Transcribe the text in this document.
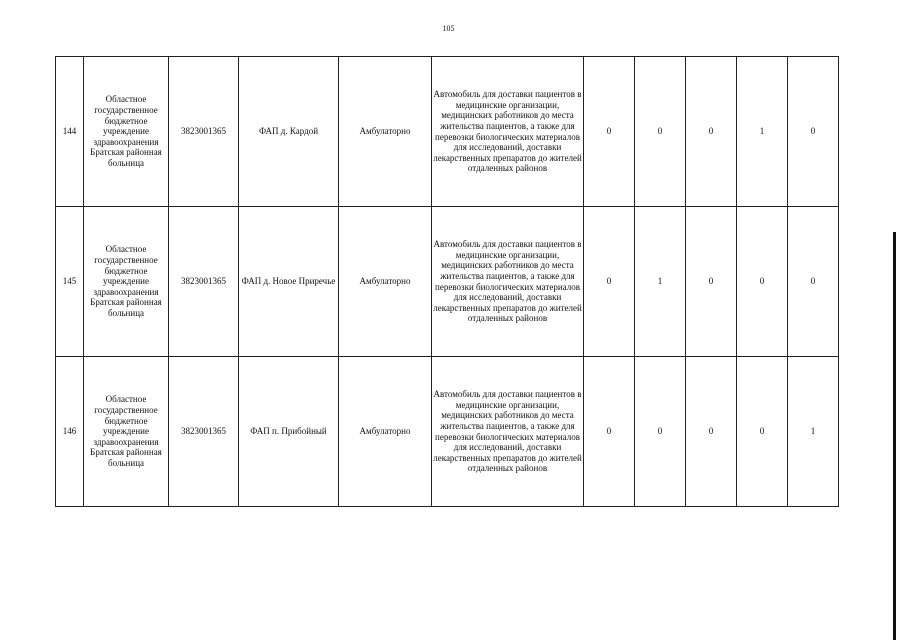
105
144	Областное государственное бюджетное учреждение здравоохранения Братская районная больница	3823001365	ФАП д. Кардой	Амбулаторно	Автомобиль для доставки пациентов в медицинские организации, медицинских работников до места жительства пациентов, а также для перевозки биологических материалов для исследований, доставки лекарственных препаратов до жителей отдаленных районов	0	0	0	1	0
145	Областное государственное бюджетное учреждение здравоохранения Братская районная больница	3823001365	ФАП д. Новое Приречье	Амбулаторно	Автомобиль для доставки пациентов в медицинские организации, медицинских работников до места жительства пациентов, а также для перевозки биологических материалов для исследований, доставки лекарственных препаратов до жителей отдаленных районов	0	1	0	0	0
146	Областное государственное бюджетное учреждение здравоохранения Братская районная больница	3823001365	ФАП п. Прибойный	Амбулаторно	Автомобиль для доставки пациентов в медицинские организации, медицинских работников до места жительства пациентов, а также для перевозки биологических материалов для исследований, доставки лекарственных препаратов до жителей отдаленных районов	0	0	0	0	1
